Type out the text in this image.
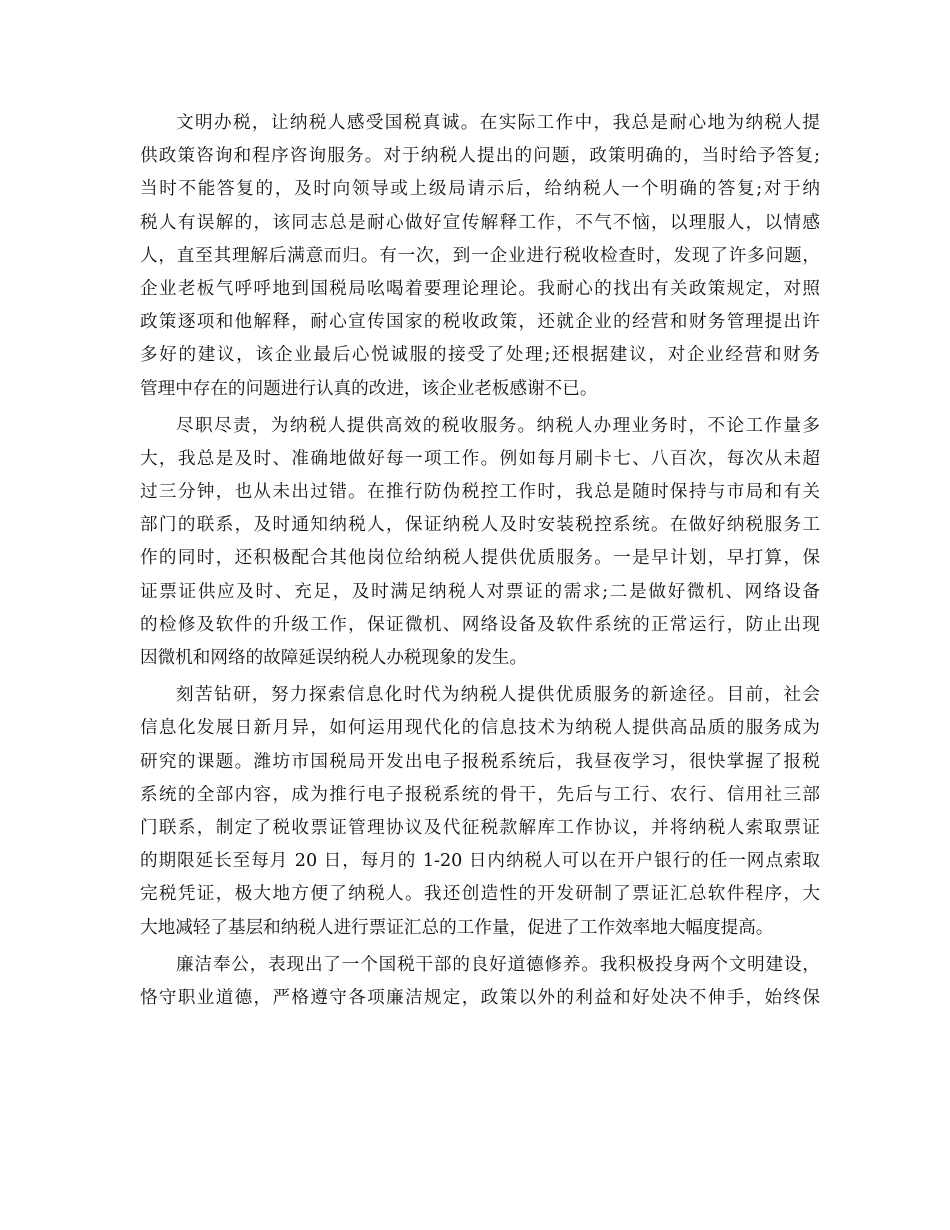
文明办税，让纳税人感受国税真诚。在实际工作中，我总是耐心地为纳税人提
供政策咨询和程序咨询服务。对于纳税人提出的问题，政策明确的，当时给予答复;
当时不能答复的，及时向领导或上级局请示后，给纳税人一个明确的答复;对于纳
税人有误解的，该同志总是耐心做好宣传解释工作，不气不恼，以理服人，以情感
人，直至其理解后满意而归。有一次，到一企业进行税收检查时，发现了许多问题，
企业老板气呼呼地到国税局吆喝着要理论理论。我耐心的找出有关政策规定，对照
政策逐项和他解释，耐心宣传国家的税收政策，还就企业的经营和财务管理提出许
多好的建议，该企业最后心悦诚服的接受了处理;还根据建议，对企业经营和财务
管理中存在的问题进行认真的改进，该企业老板感谢不已。
尽职尽责，为纳税人提供高效的税收服务。纳税人办理业务时，不论工作量多
大，我总是及时、准确地做好每一项工作。例如每月刷卡七、八百次，每次从未超
过三分钟，也从未出过错。在推行防伪税控工作时，我总是随时保持与市局和有关
部门的联系，及时通知纳税人，保证纳税人及时安装税控系统。在做好纳税服务工
作的同时，还积极配合其他岗位给纳税人提供优质服务。一是早计划，早打算，保
证票证供应及时、充足，及时满足纳税人对票证的需求;二是做好微机、网络设备
的检修及软件的升级工作，保证微机、网络设备及软件系统的正常运行，防止出现
因微机和网络的故障延误纳税人办税现象的发生。
刻苦钻研，努力探索信息化时代为纳税人提供优质服务的新途径。目前，社会
信息化发展日新月异，如何运用现代化的信息技术为纳税人提供高品质的服务成为
研究的课题。潍坊市国税局开发出电子报税系统后，我昼夜学习，很快掌握了报税
系统的全部内容，成为推行电子报税系统的骨干，先后与工行、农行、信用社三部
门联系，制定了税收票证管理协议及代征税款解库工作协议，并将纳税人索取票证
的期限延长至每月 20 日，每月的 1-20 日内纳税人可以在开户银行的任一网点索取
完税凭证，极大地方便了纳税人。我还创造性的开发研制了票证汇总软件程序，大
大地减轻了基层和纳税人进行票证汇总的工作量，促进了工作效率地大幅度提高。
廉洁奉公，表现出了一个国税干部的良好道德修养。我积极投身两个文明建设，
恪守职业道德，严格遵守各项廉洁规定，政策以外的利益和好处决不伸手，始终保
